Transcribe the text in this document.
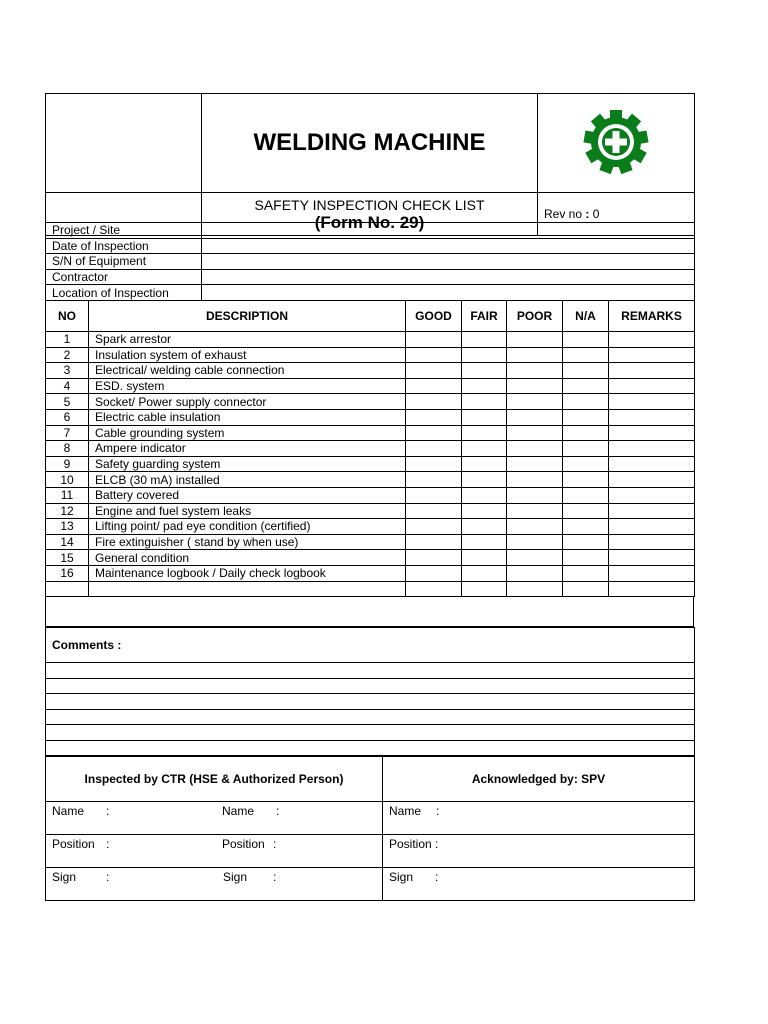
	WELDING MACHINE	
	SAFETY INSPECTION CHECK LIST
(Form No. 29)	Rev no : 0
Project / Site	
Date of Inspection	
S/N of Equipment	
Contractor	
Location of Inspection	
NO	DESCRIPTION	GOOD	FAIR	POOR	N/A	REMARKS
1	Spark arrestor					
2	Insulation system of exhaust					
3	Electrical/ welding cable connection					
4	ESD. system					
5	Socket/ Power supply connector					
6	Electric cable insulation					
7	Cable grounding system					
8	Ampere indicator					
9	Safety guarding system					
10	ELCB (30 mA) installed					
11	Battery covered					
12	Engine and fuel system leaks					
13	Lifting point/ pad eye condition (certified)					
14	Fire extinguisher ( stand by when use)					
15	General condition					
16	Maintenance logbook / Daily check logbook					

Comments :

Inspected by CTR (HSE & Authorized Person)	Acknowledged by: SPV

Name : Name :	Name :

Position : Position :	Position :

Sign : Sign :	Sign :
